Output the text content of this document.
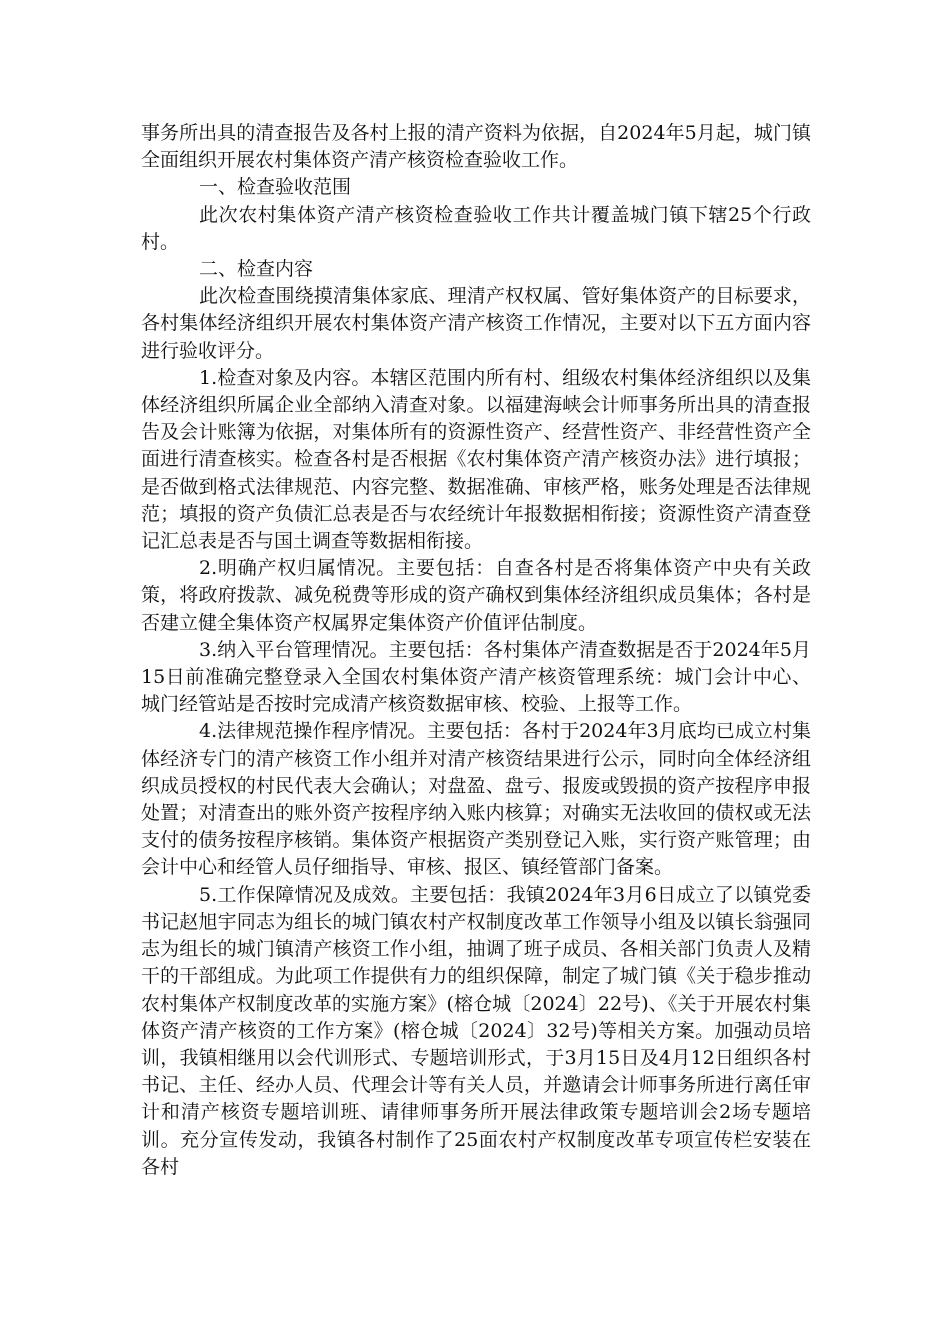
事务所出具的清查报告及各村上报的清产资料为依据，自2024年5月起，城门镇全面组织开展农村集体资产清产核资检查验收工作。

一、检查验收范围

此次农村集体资产清产核资检查验收工作共计覆盖城门镇下辖25个行政村。

二、检查内容

此次检查围绕摸清集体家底、理清产权权属、管好集体资产的目标要求，各村集体经济组织开展农村集体资产清产核资工作情况，主要对以下五方面内容进行验收评分。

1.检查对象及内容。本辖区范围内所有村、组级农村集体经济组织以及集体经济组织所属企业全部纳入清查对象。以福建海峡会计师事务所出具的清查报告及会计账簿为依据，对集体所有的资源性资产、经营性资产、非经营性资产全面进行清查核实。检查各村是否根据《农村集体资产清产核资办法》进行填报；是否做到格式法律规范、内容完整、数据准确、审核严格，账务处理是否法律规范；填报的资产负债汇总表是否与农经统计年报数据相衔接；资源性资产清查登记汇总表是否与国土调查等数据相衔接。

2.明确产权归属情况。主要包括：自查各村是否将集体资产中央有关政策，将政府拨款、减免税费等形成的资产确权到集体经济组织成员集体；各村是否建立健全集体资产权属界定集体资产价值评估制度。

3.纳入平台管理情况。主要包括：各村集体产清查数据是否于2024年5月15日前准确完整登录入全国农村集体资产清产核资管理系统：城门会计中心、城门经管站是否按时完成清产核资数据审核、校验、上报等工作。

4.法律规范操作程序情况。主要包括：各村于2024年3月底均已成立村集体经济专门的清产核资工作小组并对清产核资结果进行公示，同时向全体经济组织成员授权的村民代表大会确认；对盘盈、盘亏、报废或毁损的资产按程序申报处置；对清查出的账外资产按程序纳入账内核算；对确实无法收回的债权或无法支付的债务按程序核销。集体资产根据资产类别登记入账，实行资产账管理；由会计中心和经管人员仔细指导、审核、报区、镇经管部门备案。

5.工作保障情况及成效。主要包括：我镇2024年3月6日成立了以镇党委书记赵旭宇同志为组长的城门镇农村产权制度改革工作领导小组及以镇长翁强同志为组长的城门镇清产核资工作小组，抽调了班子成员、各相关部门负责人及精干的干部组成。为此项工作提供有力的组织保障，制定了城门镇《关于稳步推动农村集体产权制度改革的实施方案》(榕仓城〔2024〕22号)、《关于开展农村集体资产清产核资的工作方案》(榕仓城〔2024〕32号)等相关方案。加强动员培训，我镇相继用以会代训形式、专题培训形式，于3月15日及4月12日组织各村书记、主任、经办人员、代理会计等有关人员，并邀请会计师事务所进行离任审计和清产核资专题培训班、请律师事务所开展法律政策专题培训会2场专题培训。充分宣传发动，我镇各村制作了25面农村产权制度改革专项宣传栏安装在各村
